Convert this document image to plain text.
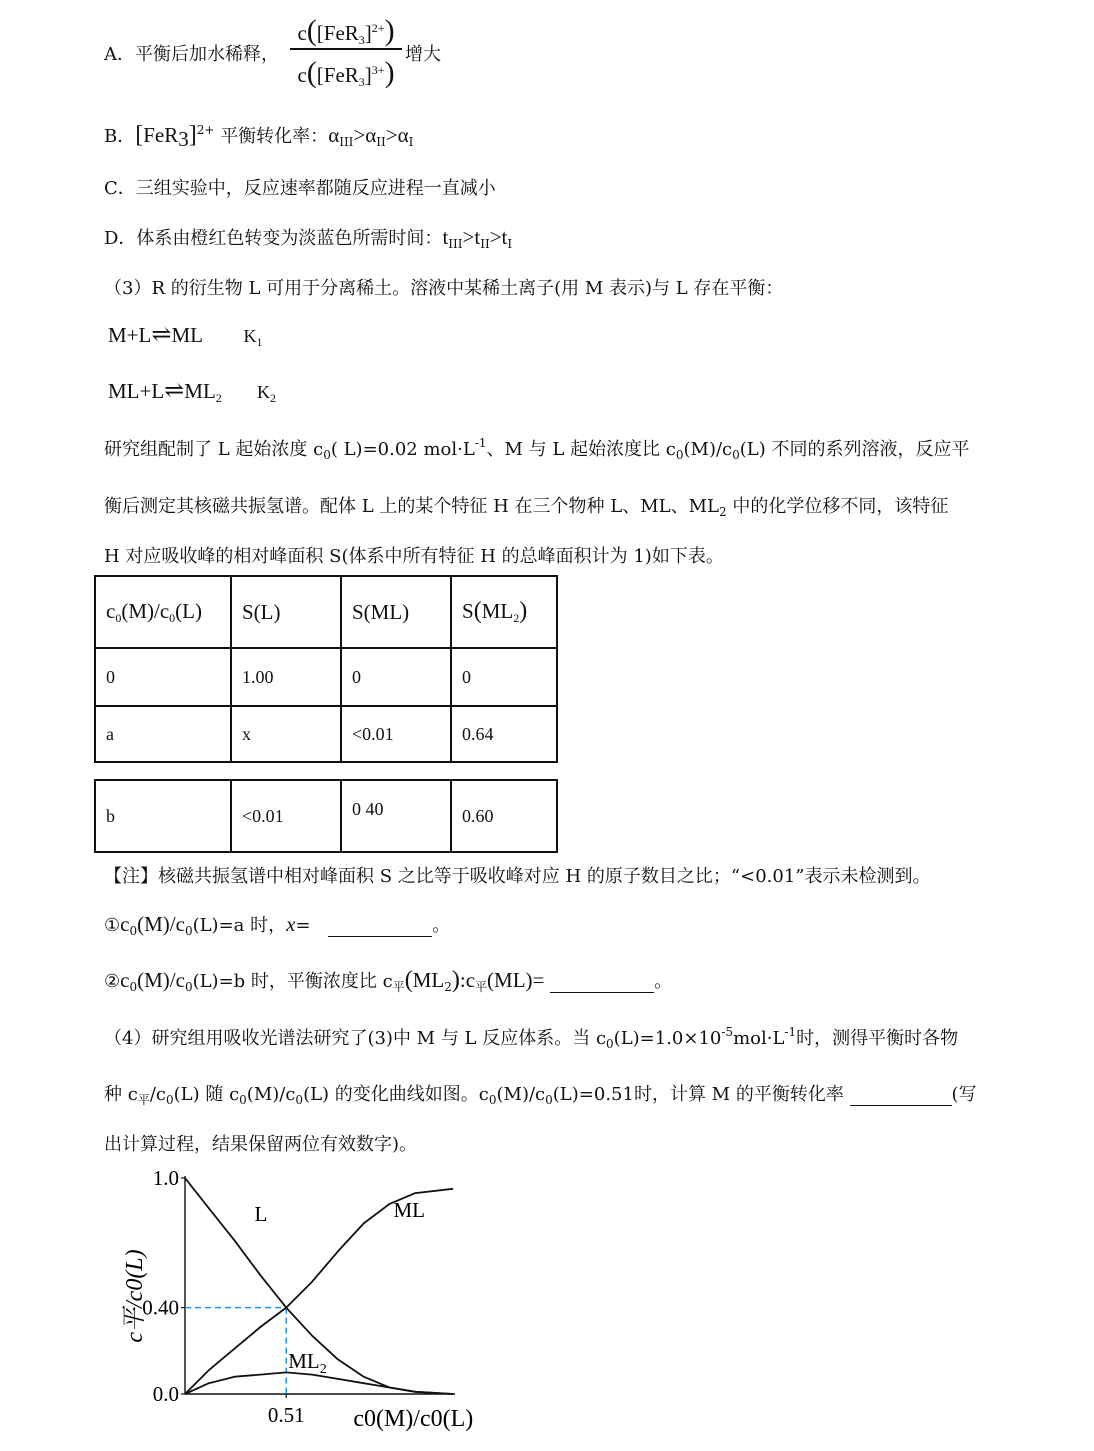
A．平衡后加水稀释，
$c([FeR_3]^{2+})$
$c([FeR_3]^{3+})$
增大
B．$[FeR_3]^{2+}$ 平衡转化率：$\alpha_{III}>\alpha_{II}>\alpha_I$
C．三组实验中，反应速率都随反应进程一直减小
D．体系由橙红色转变为淡蓝色所需时间：$t_{III}>t_{II}>t_I$
（3）R 的衍生物 L 可用于分离稀土。溶液中某稀土离子(用 M 表示)与 L 存在平衡：
M+L⇌ML $K_1$
$ML+L\rightleftharpoons ML_2$ $K_2$
研究组配制了 L 起始浓度 $c_0$( L)=0.02 $mol\cdot L^{-1}$、M 与 L 起始浓度比 $c_0(M)/c_0(L)$ 不同的系列溶液，反应平
衡后测定其核磁共振氢谱。配体 L 上的某个特征 H 在三个物种 L、ML、$ML_2$ 中的化学位移不同，该特征
H 对应吸收峰的相对峰面积 S(体系中所有特征 H 的总峰面积计为 1)如下表。
$c_0(M)/c_0(L)$	S(L)	S(ML)	$S(ML_2)$
0	1.00	0	0
a	x	<0.01	0.64
b	<0.01	0 40	0.60
【注】核磁共振氢谱中相对峰面积 S 之比等于吸收峰对应 H 的原子数目之比；“<0.01”表示未检测到。
$①c_0(M)/c_0(L)=a$ 时，x=	。
$②c_0(M)/c_0(L)=b$ 时，平衡浓度比 $c_平(ML_2):c_平(ML)=$	。
（4）研究组用吸收光谱法研究了(3)中 M 与 L 反应体系。当 $c_0(L)=1.0\times 10^{-5}mol\cdot L^{-1}$时，测得平衡时各物
种 $c_平/c_0(L)$ 随 $c_0(M)/c_0(L)$ 的变化曲线如图。$c_0(M)/c_0(L)=0.51$时，计算 M 的平衡转化率	(写
出计算过程，结果保留两位有效数字)。
1.0
0.40
0.0
0.51
c平/c0(L)
c0(M)/c0(L)
L	ML
$ML_2$
